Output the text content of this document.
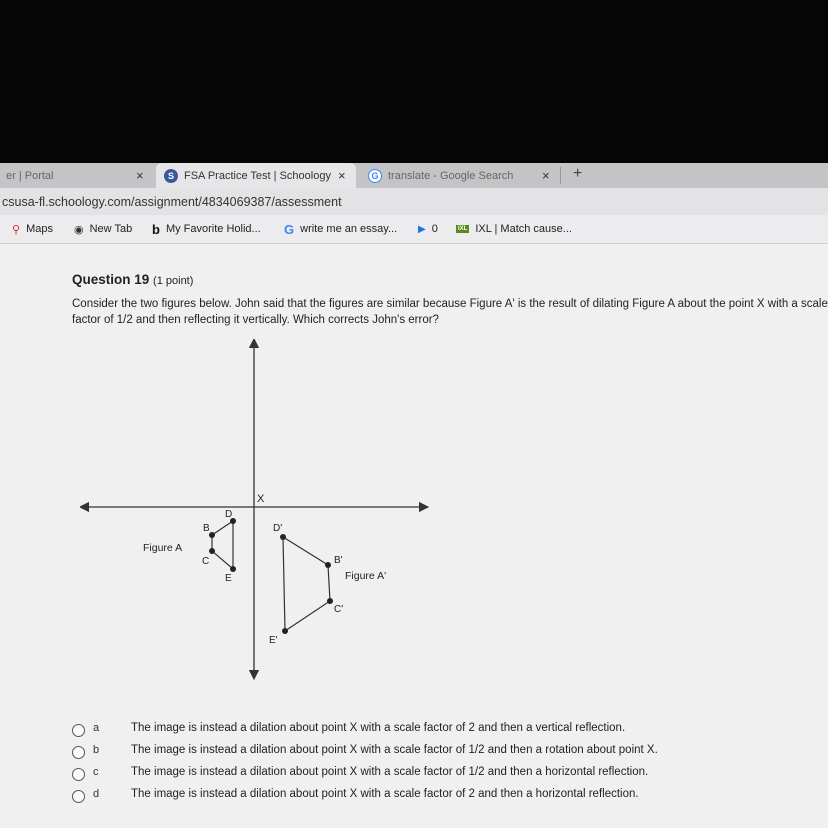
er | Portal	×	S FSA Practice Test | Schoology ×	G translate - Google Search × +
csusa-fl.schoology.com/assignment/4834069387/assessment
⚲ Maps ◉ New Tab b My Favorite Holid... G write me an essay... ▶ 0	IXL IXL | Match cause...
Question 19 (1 point)
Consider the two figures below. John said that the figures are similar because Figure A' is the result of dilating Figure A about the point X with a scale factor of 1/2 and then reflecting it vertically. Which corrects John's error?
X
B
C
D
E
Figure A
D'
B'
C'
E'
Figure A'
a	The image is instead a dilation about point X with a scale factor of 2 and then a vertical reflection.
b	The image is instead a dilation about point X with a scale factor of 1/2 and then a rotation about point X.
c	The image is instead a dilation about point X with a scale factor of 1/2 and then a horizontal reflection.
d	The image is instead a dilation about point X with a scale factor of 2 and then a horizontal reflection.
